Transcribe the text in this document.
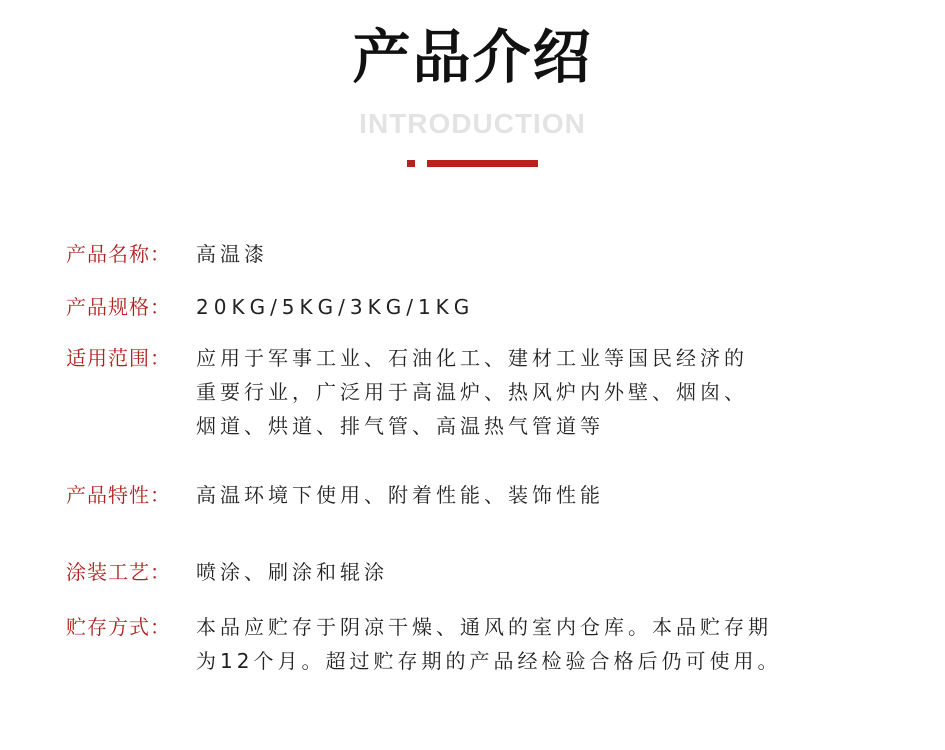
产品介绍
INTRODUCTION
产品名称：	高温漆
产品规格：	20KG/5KG/3KG/1KG
适用范围：	应用于军事工业、石油化工、建材工业等国民经济的
重要行业，广泛用于高温炉、热风炉内外壁、烟囱、
烟道、烘道、排气管、高温热气管道等
产品特性：	高温环境下使用、附着性能、装饰性能
涂装工艺：	喷涂、刷涂和辊涂
贮存方式：	本品应贮存于阴凉干燥、通风的室内仓库。本品贮存期
为12个月。超过贮存期的产品经检验合格后仍可使用。
